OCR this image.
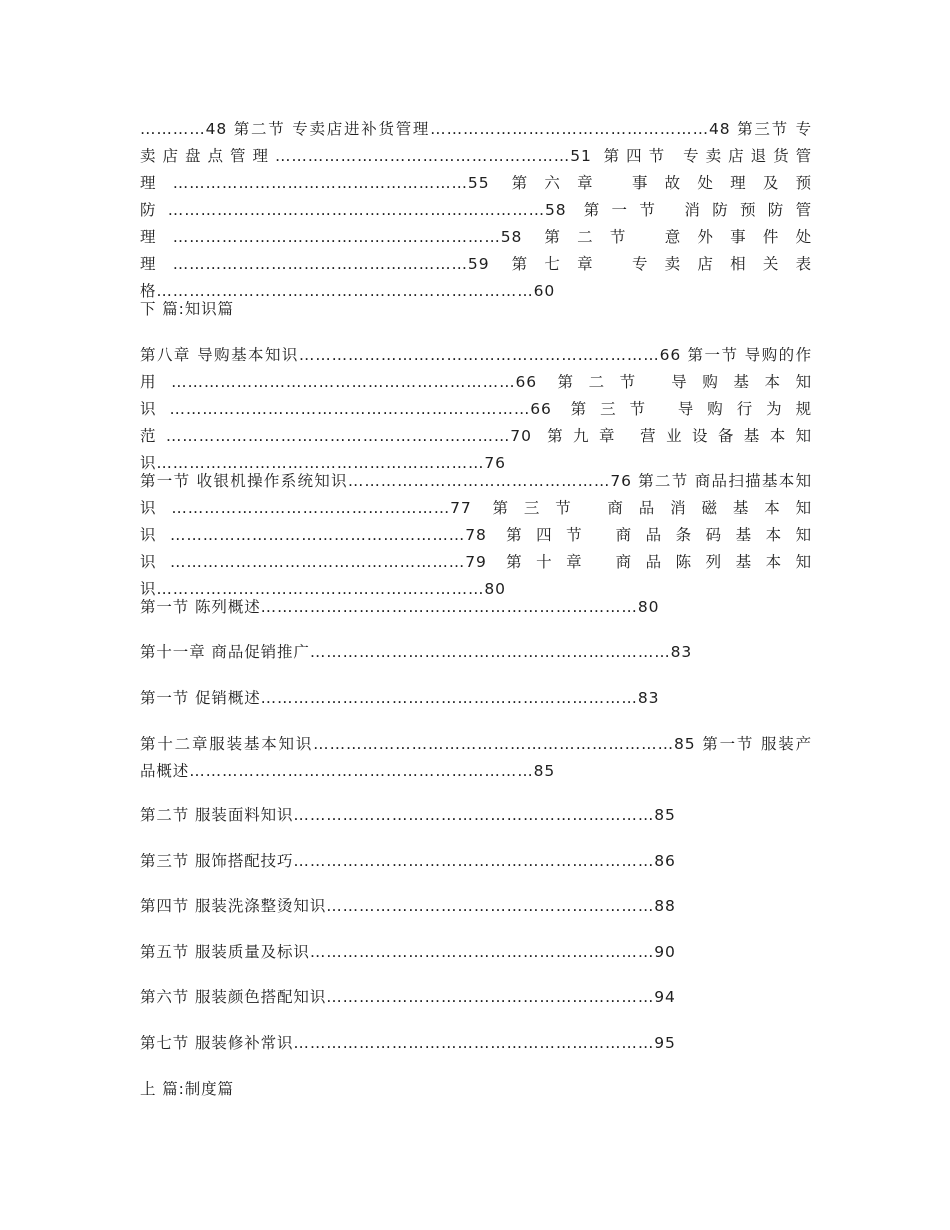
…………48 第二节 专卖店进补货管理……………………………………………48 第三节 专卖店盘点管理………………………………………………51 第四节 专卖店退货管理………………………………………………55 第六章 事故处理及预防……………………………………………………………58 第一节 消防预防管理……………………………………………………58 第二节 意外事件处理………………………………………………59 第七章 专卖店相关表格……………………………………………………………60

下 篇:知识篇

第八章 导购基本知识…………………………………………………………66 第一节 导购的作用………………………………………………………66 第二节 导购基本知识…………………………………………………………66 第三节 导购行为规范………………………………………………………70 第九章 营业设备基本知识……………………………………………………76

第一节 收银机操作系统知识…………………………………………76 第二节 商品扫描基本知识……………………………………………77 第三节 商品消磁基本知识………………………………………………78 第四节 商品条码基本知识………………………………………………79 第十章 商品陈列基本知识……………………………………………………80

第一节 陈列概述……………………………………………………………80

第十一章 商品促销推广…………………………………………………………83

第一节 促销概述……………………………………………………………83

第十二章服装基本知识…………………………………………………………85 第一节 服装产品概述………………………………………………………85

第二节 服装面料知识…………………………………………………………85

第三节 服饰搭配技巧…………………………………………………………86

第四节 服装洗涤整烫知识……………………………………………………88

第五节 服装质量及标识………………………………………………………90

第六节 服装颜色搭配知识……………………………………………………94

第七节 服装修补常识…………………………………………………………95

上 篇:制度篇
